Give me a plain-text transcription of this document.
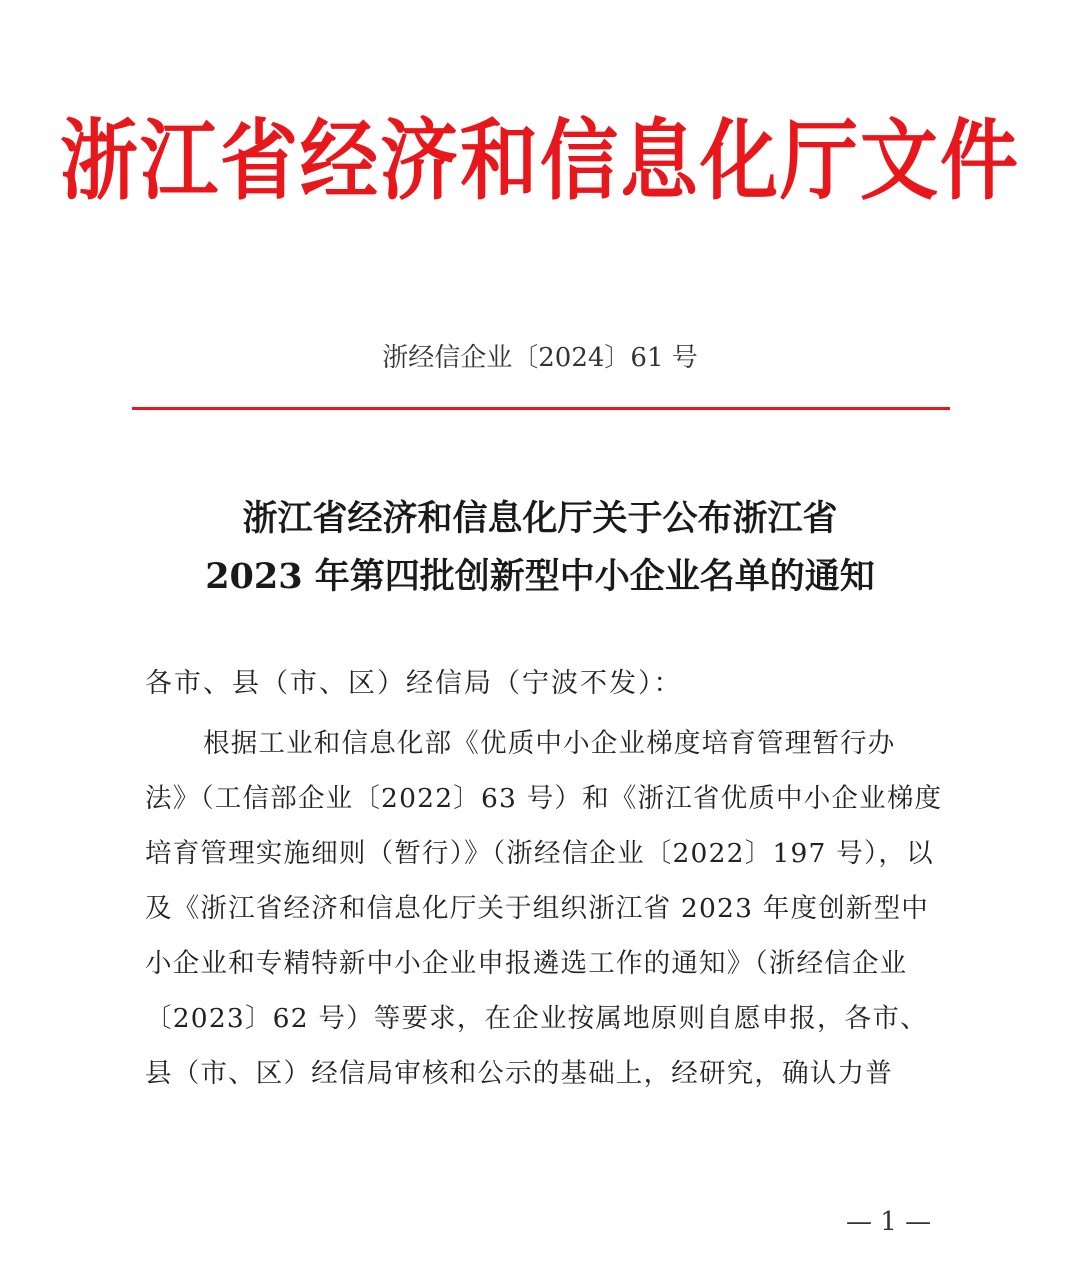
浙江省经济和信息化厅文件
浙经信企业〔2024〕61 号
浙江省经济和信息化厅关于公布浙江省
2023 年第四批创新型中小企业名单的通知
各市、县（市、区）经信局（宁波不发）：
根据工业和信息化部《优质中小企业梯度培育管理暂行办
法》（工信部企业〔2022〕63 号）和《浙江省优质中小企业梯度
培育管理实施细则（暂行）》（浙经信企业〔2022〕197 号），以
及《浙江省经济和信息化厅关于组织浙江省 2023 年度创新型中
小企业和专精特新中小企业申报遴选工作的通知》（浙经信企业
〔2023〕62 号）等要求，在企业按属地原则自愿申报，各市、
县（市、区）经信局审核和公示的基础上，经研究，确认力普
— 1 —
